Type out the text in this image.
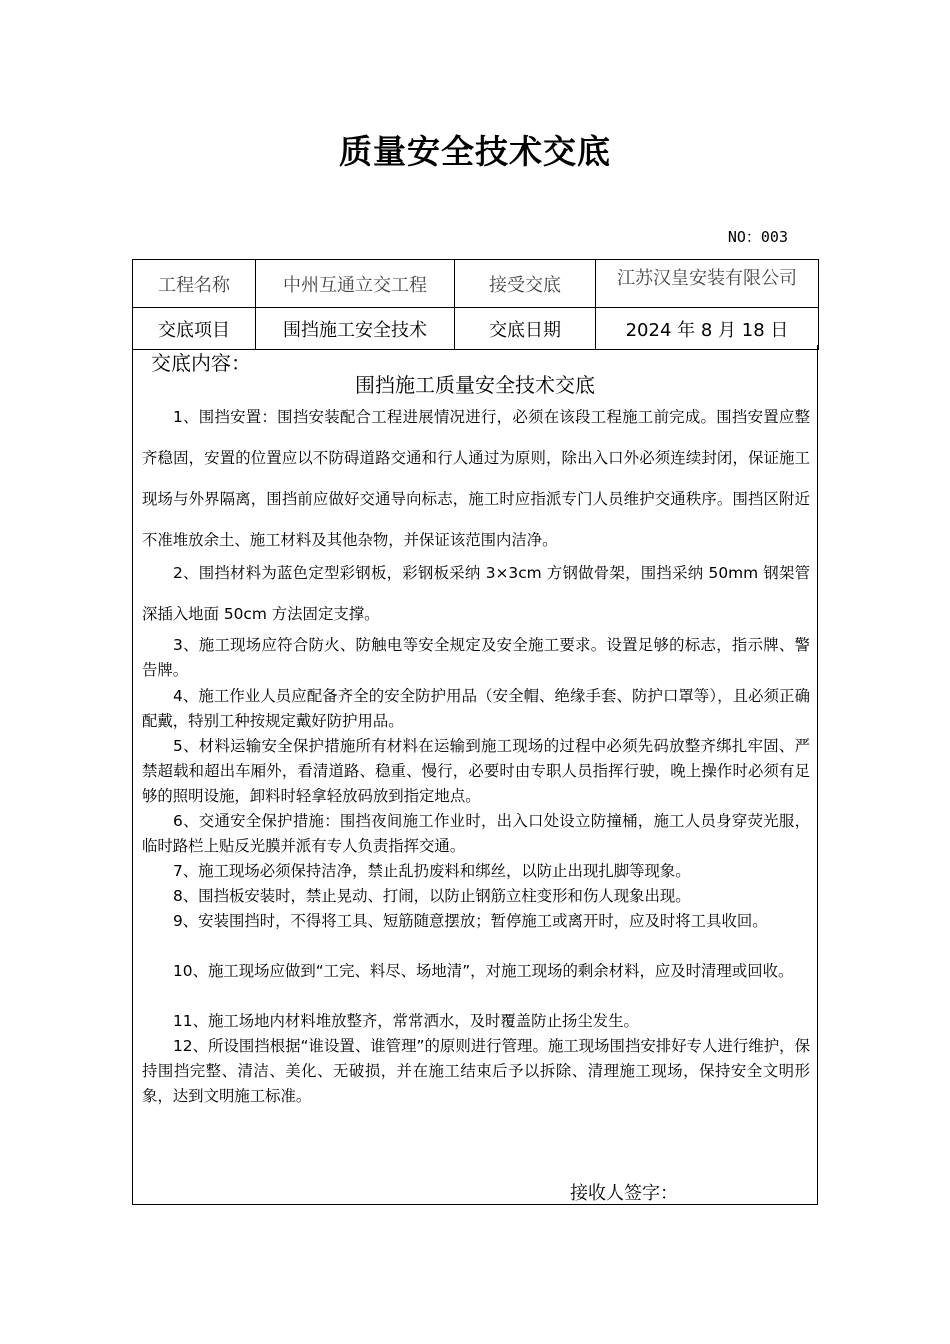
质量安全技术交底
NO：003
工程名称	中州互通立交工程	接受交底	江苏汉皇安装有限公司
交底项目	围挡施工安全技术	交底日期	2024 年 8 月 18 日
交底内容：
围挡施工质量安全技术交底

1、围挡安置：围挡安装配合工程进展情况进行，必须在该段工程施工前完成。围挡安置应整齐稳固，安置的位置应以不防碍道路交通和行人通过为原则，除出入口外必须连续封闭，保证施工现场与外界隔离，围挡前应做好交通导向标志，施工时应指派专门人员维护交通秩序。围挡区附近不准堆放余土、施工材料及其他杂物，并保证该范围内洁净。

2、围挡材料为蓝色定型彩钢板，彩钢板采纳 3×3cm 方钢做骨架，围挡采纳 50mm 钢架管深插入地面 50cm 方法固定支撑。

3、施工现场应符合防火、防触电等安全规定及安全施工要求。设置足够的标志，指示牌、警告牌。

4、施工作业人员应配备齐全的安全防护用品（安全帽、绝缘手套、防护口罩等），且必须正确配戴，特别工种按规定戴好防护用品。

5、材料运输安全保护措施所有材料在运输到施工现场的过程中必须先码放整齐绑扎牢固、严禁超载和超出车厢外，看清道路、稳重、慢行，必要时由专职人员指挥行驶，晚上操作时必须有足够的照明设施，卸料时轻拿轻放码放到指定地点。

6、交通安全保护措施：围挡夜间施工作业时，出入口处设立防撞桶，施工人员身穿荧光服，临时路栏上贴反光膜并派有专人负责指挥交通。

7、施工现场必须保持洁净，禁止乱扔废料和绑丝，以防止出现扎脚等现象。

8、围挡板安装时，禁止晃动、打闹，以防止钢筋立柱变形和伤人现象出现。

9、安装围挡时，不得将工具、短筋随意摆放；暂停施工或离开时，应及时将工具收回。

10、施工现场应做到“工完、料尽、场地清”，对施工现场的剩余材料，应及时清理或回收。

11、施工场地内材料堆放整齐，常常洒水，及时覆盖防止扬尘发生。

12、所设围挡根据“谁设置、谁管理”的原则进行管理。施工现场围挡安排好专人进行维护，保持围挡完整、清洁、美化、无破损，并在施工结束后予以拆除、清理施工现场，保持安全文明形象，达到文明施工标准。

接收人签字：
